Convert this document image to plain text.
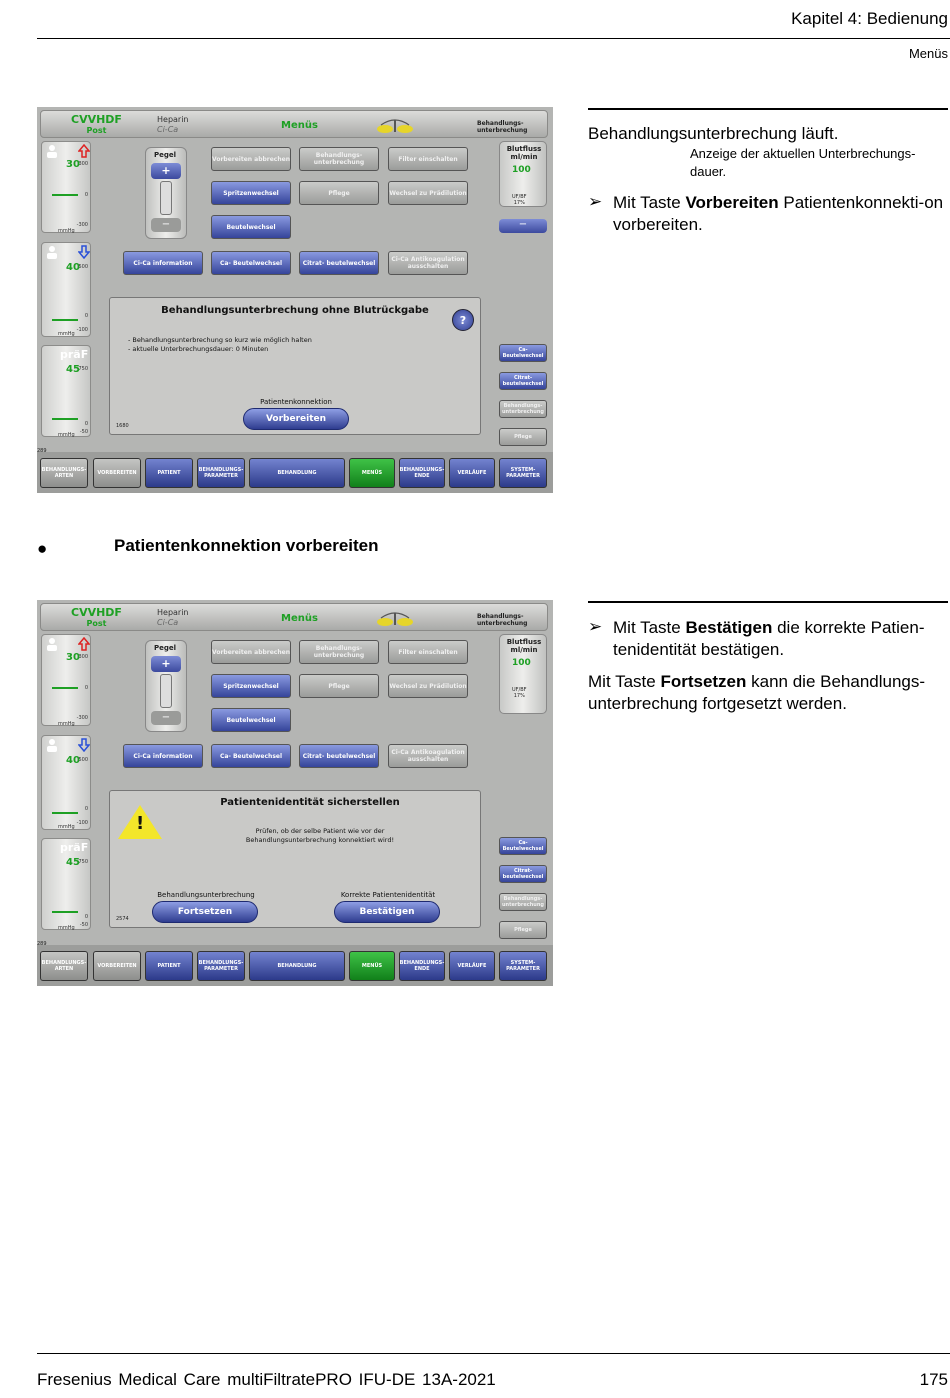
Kapitel 4: Bedienung
Menüs
Fresenius Medical Care multiFiltratePRO IFU-DE 13A-2021	175
CVVHDF
Post
Heparin
Ci-Ca	Menüs	Behandlungs-
unterbrechung
30
300
0
-300
mmHg
40
500
0
-100
mmHg
präF
45
750
0
-50
mmHg
Pegel
+
−
Vorbereiten abbrechen	Behandlungs- unterbrechung	Filter einschalten
Spritzenwechsel	Pflege	Wechsel zu Prädilution
Beutelwechsel
Ci-Ca information	Ca- Beutelwechsel	Citrat- beutelwechsel	Ci-Ca Antikoagulation ausschalten
Blutfluss ml/min
100
UF/BF
17%
−
Ca- Beutelwechsel
Citrat- beutelwechsel
Behandlungs- unterbrechung
Pflege
Behandlungsunterbrechung ohne Blutrückgabe
?
- Behandlungsunterbrechung so kurz wie möglich halten
- aktuelle Unterbrechungsdauer: 0 Minuten
Patientenkonnektion
Vorbereiten
1680
289
BEHANDLUNGS- ARTEN	VORBEREITEN	PATIENT	BEHANDLUNGS- PARAMETER	BEHANDLUNG	MENÜS	BEHANDLUNGS- ENDE	VERLÄUFE	SYSTEM- PARAMETER
Behandlungsunterbrechung läuft.
Anzeige der aktuellen Unterbrechungs-dauer.
➢ Mit Taste Vorbereiten Patientenkonnekti-on vorbereiten.
●	Patientenkonnektion vorbereiten
CVVHDF
Post
Heparin
Ci-Ca	Menüs	Behandlungs-
unterbrechung
30
300
0
-300
mmHg
40
500
0
-100
mmHg
präF
45
750
0
-50
mmHg
Pegel
+
−
Vorbereiten abbrechen	Behandlungs- unterbrechung	Filter einschalten
Spritzenwechsel	Pflege	Wechsel zu Prädilution
Beutelwechsel
Ci-Ca information	Ca- Beutelwechsel	Citrat- beutelwechsel	Ci-Ca Antikoagulation ausschalten
Blutfluss ml/min
100
UF/BF
17%
Ca- Beutelwechsel
Citrat- beutelwechsel
Behandlungs- unterbrechung
Pflege
!
Patientenidentität sicherstellen
Prüfen, ob der selbe Patient wie vor der
Behandlungsunterbrechung konnektiert wird!
Behandlungsunterbrechung
Fortsetzen
Korrekte Patientenidentität
Bestätigen
2574
289
BEHANDLUNGS- ARTEN	VORBEREITEN	PATIENT	BEHANDLUNGS- PARAMETER	BEHANDLUNG	MENÜS	BEHANDLUNGS- ENDE	VERLÄUFE	SYSTEM- PARAMETER
➢ Mit Taste Bestätigen die korrekte Patien-tenidentität bestätigen.
Mit Taste Fortsetzen kann die Behandlungs-unterbrechung fortgesetzt werden.
